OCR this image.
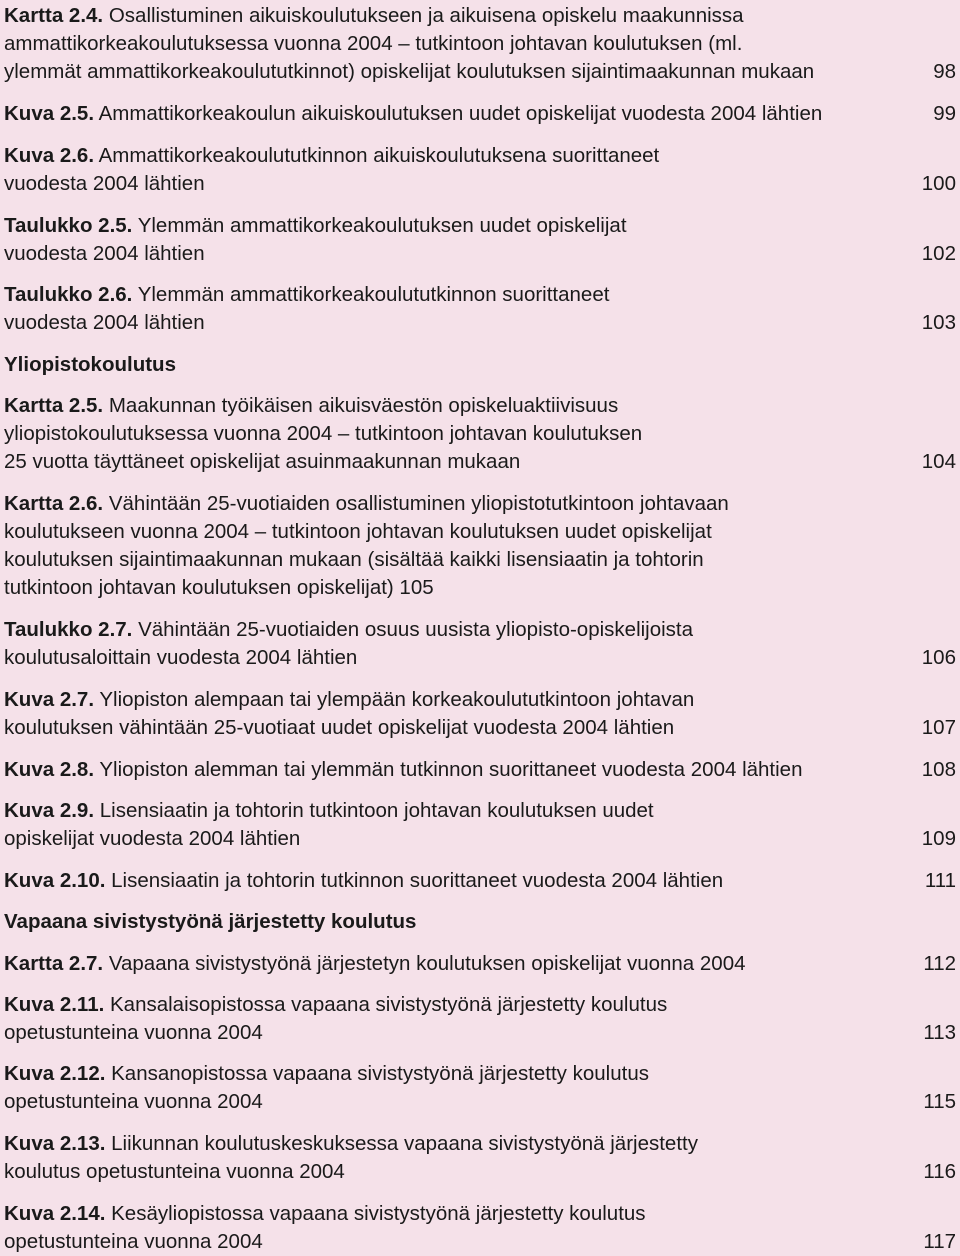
Kartta 2.4. Osallistuminen aikuiskoulutukseen ja aikuisena opiskelu maakunnissa
ammattikorkeakoulutuksessa vuonna 2004 – tutkintoon johtavan koulutuksen (ml.
ylemmät ammattikorkeakoulututkinnot) opiskelijat koulutuksen sijaintimaakunnan mukaan	98
Kuva 2.5. Ammattikorkeakoulun aikuiskoulutuksen uudet opiskelijat vuodesta 2004 lähtien	99
Kuva 2.6. Ammattikorkeakoulututkinnon aikuiskoulutuksena suorittaneet
vuodesta 2004 lähtien	100
Taulukko 2.5. Ylemmän ammattikorkeakoulutuksen uudet opiskelijat
vuodesta 2004 lähtien	102
Taulukko 2.6. Ylemmän ammattikorkeakoulututkinnon suorittaneet
vuodesta 2004 lähtien	103
Yliopistokoulutus
Kartta 2.5. Maakunnan työikäisen aikuisväestön opiskeluaktiivisuus
yliopistokoulutuksessa vuonna 2004 – tutkintoon johtavan koulutuksen
25 vuotta täyttäneet opiskelijat asuinmaakunnan mukaan	104
Kartta 2.6. Vähintään 25-vuotiaiden osallistuminen yliopistotutkintoon johtavaan
koulutukseen vuonna 2004 – tutkintoon johtavan koulutuksen uudet opiskelijat
koulutuksen sijaintimaakunnan mukaan (sisältää kaikki lisensiaatin ja tohtorin
tutkintoon johtavan koulutuksen opiskelijat) 105
Taulukko 2.7. Vähintään 25-vuotiaiden osuus uusista yliopisto-opiskelijoista
koulutusaloittain vuodesta 2004 lähtien	106
Kuva 2.7. Yliopiston alempaan tai ylempään korkeakoulututkintoon johtavan
koulutuksen vähintään 25-vuotiaat uudet opiskelijat vuodesta 2004 lähtien	107
Kuva 2.8. Yliopiston alemman tai ylemmän tutkinnon suorittaneet vuodesta 2004 lähtien	108
Kuva 2.9. Lisensiaatin ja tohtorin tutkintoon johtavan koulutuksen uudet
opiskelijat vuodesta 2004 lähtien	109
Kuva 2.10. Lisensiaatin ja tohtorin tutkinnon suorittaneet vuodesta 2004 lähtien	111
Vapaana sivistystyönä järjestetty koulutus
Kartta 2.7. Vapaana sivistystyönä järjestetyn koulutuksen opiskelijat vuonna 2004	112
Kuva 2.11. Kansalaisopistossa vapaana sivistystyönä järjestetty koulutus
opetustunteina vuonna 2004	113
Kuva 2.12. Kansanopistossa vapaana sivistystyönä järjestetty koulutus
opetustunteina vuonna 2004	115
Kuva 2.13. Liikunnan koulutuskeskuksessa vapaana sivistystyönä järjestetty
koulutus opetustunteina vuonna 2004	116
Kuva 2.14. Kesäyliopistossa vapaana sivistystyönä järjestetty koulutus
opetustunteina vuonna 2004	117
